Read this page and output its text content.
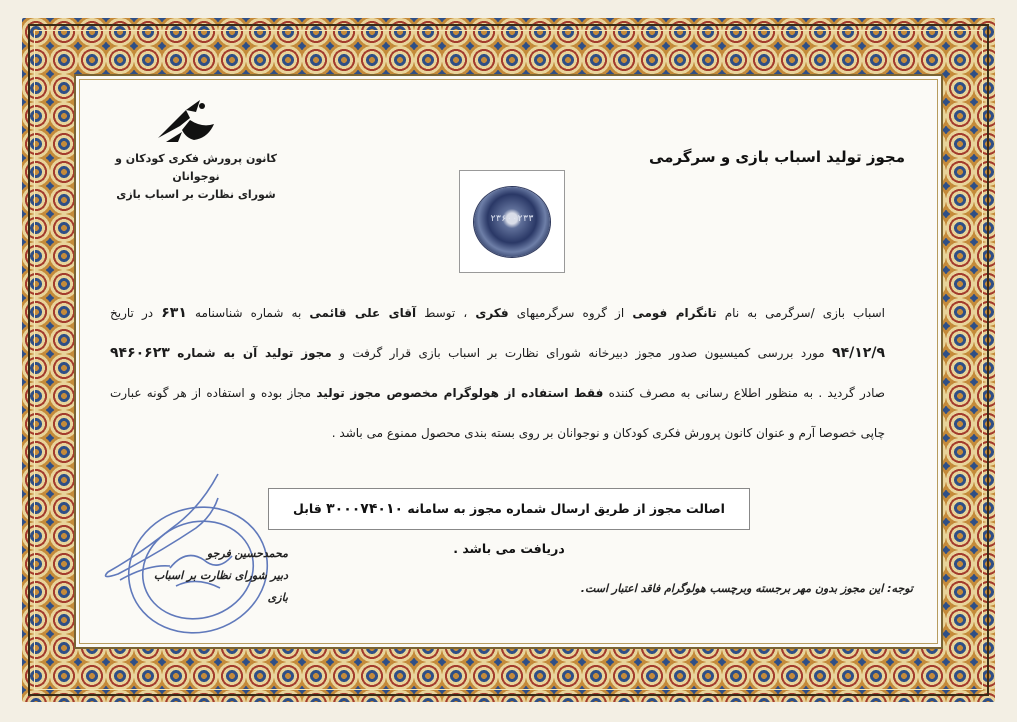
کانون پرورش فکری کودکان و نوجوانان
شورای نظارت بر اسباب بازی
مجوز تولید اسباب بازی و سرگرمی
۲۳۶۰۰۲۳۳
اسباب بازی /سرگرمی به نام تانگرام فومی از گروه سرگرمیهای فکری ، توسط آقای علی قائمی به شماره شناسنامه ۶۳۱ در تاریخ
۹۴/۱۲/۹ مورد بررسی کمیسیون صدور مجوز دبیرخانه شورای نظارت بر اسباب بازی قرار گرفت و مجوز تولید آن به شماره ۹۴۶۰۶۲۳
صادر گردید . به منظور اطلاع رسانی به مصرف کننده فقط استفاده از هولوگرام مخصوص مجوز تولید مجاز بوده و استفاده از هر گونه عبارت
چاپی خصوصا آرم و عنوان کانون پرورش فکری کودکان و نوجوانان بر روی بسته بندی محصول ممنوع می باشد .
اصالت مجوز از طریق ارسال شماره مجوز به سامانه ۳۰۰۰۷۴۰۱۰ قابل دریافت می باشد .
محمدحسین فرجو
دبیر شورای نظارت بر اسباب بازی
توجه: این مجوز بدون مهر برجسته وبرچسب هولوگرام فاقد اعتبار است.
